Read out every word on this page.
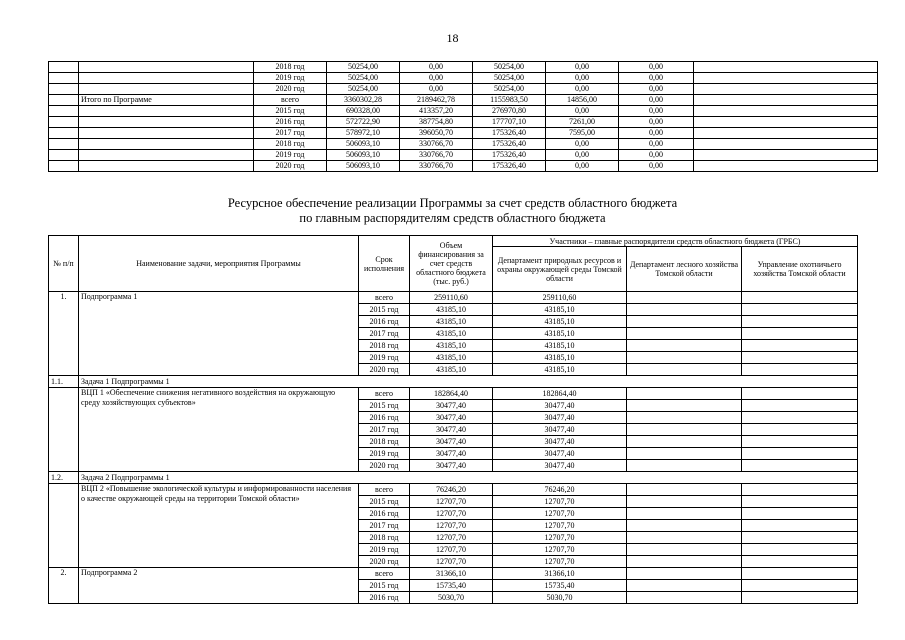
18
		2018 год	50254,00	0,00	50254,00	0,00	0,00	
		2019 год	50254,00	0,00	50254,00	0,00	0,00	
		2020 год	50254,00	0,00	50254,00	0,00	0,00	
	Итого по Программе	всего	3360302,28	2189462,78	1155983,50	14856,00	0,00	
		2015 год	690328,00	413357,20	276970,80	0,00	0,00	
		2016 год	572722,90	387754,80	177707,10	7261,00	0,00	
		2017 год	578972,10	396050,70	175326,40	7595,00	0,00	
		2018 год	506093,10	330766,70	175326,40	0,00	0,00	
		2019 год	506093,10	330766,70	175326,40	0,00	0,00	
		2020 год	506093,10	330766,70	175326,40	0,00	0,00	
Ресурсное обеспечение реализации Программы за счет средств областного бюджета
по главным распорядителям средств областного бюджета
№ п/п	Наименование задачи, мероприятия Программы	Срок исполнения	Объем финансирования за счет средств областного бюджета (тыс. руб.)	Участники – главные распорядители средств областного бюджета (ГРБС)		
				Департамент природных ресурсов и охраны окружающей среды Томской области	Департамент лесного хозяйства Томской области	Управление охотничьего хозяйства Томской области
1.	Подпрограмма 1	всего	259110,60	259110,60		
		2015 год	43185,10	43185,10		
		2016 год	43185,10	43185,10		
		2017 год	43185,10	43185,10		
		2018 год	43185,10	43185,10		
		2019 год	43185,10	43185,10		
		2020 год	43185,10	43185,10		
1.1.	Задача 1 Подпрограммы 1					
	ВЦП 1 «Обеспечение снижения негативного воздействия на окружающую среду хозяйствующих субъектов»	всего	182864,40	182864,40		
		2015 год	30477,40	30477,40		
		2016 год	30477,40	30477,40		
		2017 год	30477,40	30477,40		
		2018 год	30477,40	30477,40		
		2019 год	30477,40	30477,40		
		2020 год	30477,40	30477,40		
1.2.	Задача 2 Подпрограммы 1					
	ВЦП 2 «Повышение экологической культуры и информированности населения о качестве окружающей среды на территории Томской области»	всего	76246,20	76246,20		
		2015 год	12707,70	12707,70		
		2016 год	12707,70	12707,70		
		2017 год	12707,70	12707,70		
		2018 год	12707,70	12707,70		
		2019 год	12707,70	12707,70		
		2020 год	12707,70	12707,70		
2.	Подпрограмма 2	всего	31366,10	31366,10		
		2015 год	15735,40	15735,40		
		2016 год	5030,70	5030,70		
